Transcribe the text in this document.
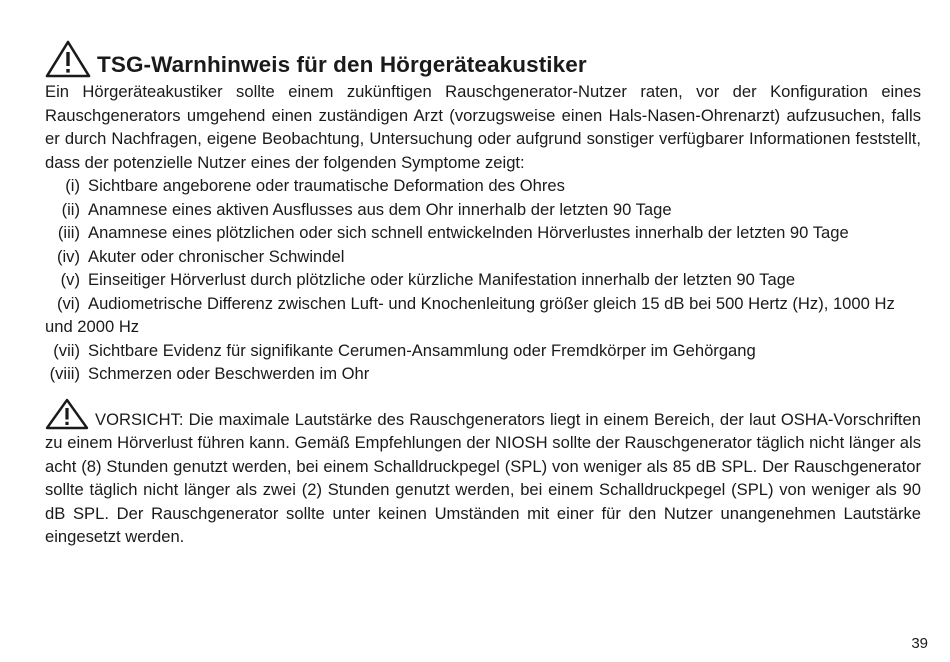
TSG-Warnhinweis für den Hörgeräteakustiker

Ein Hörgeräteakustiker sollte einem zukünftigen Rauschgenerator-Nutzer raten, vor der Konfiguration eines Rauschgenerators umgehend einen zuständigen Arzt (vorzugsweise einen Hals-Nasen-Ohrenarzt) aufzusuchen, falls er durch Nachfragen, eigene Beobachtung, Untersuchung oder aufgrund sonstiger verfügbarer Informationen feststellt, dass der potenzielle Nutzer eines der folgenden Symptome zeigt:

(i) Sichtbare angeborene oder traumatische Deformation des Ohres
(ii) Anamnese eines aktiven Ausflusses aus dem Ohr innerhalb der letzten 90 Tage
(iii) Anamnese eines plötzlichen oder sich schnell entwickelnden Hörverlustes innerhalb der letzten 90 Tage
(iv) Akuter oder chronischer Schwindel
(v) Einseitiger Hörverlust durch plötzliche oder kürzliche Manifestation innerhalb der letzten 90 Tage
(vi) Audiometrische Differenz zwischen Luft- und Knochenleitung größer gleich 15 dB bei 500 Hertz (Hz), 1000 Hz und 2000 Hz
(vii) Sichtbare Evidenz für signifikante Cerumen-Ansammlung oder Fremdkörper im Gehörgang
(viii) Schmerzen oder Beschwerden im Ohr

VORSICHT: Die maximale Lautstärke des Rauschgenerators liegt in einem Bereich, der laut OSHA-Vorschriften zu einem Hörverlust führen kann. Gemäß Empfehlungen der NIOSH sollte der Rauschgenerator täglich nicht länger als acht (8) Stunden genutzt werden, bei einem Schalldruckpegel (SPL) von weniger als 85 dB SPL. Der Rauschgenerator sollte täglich nicht länger als zwei (2) Stunden genutzt werden, bei einem Schalldruckpegel (SPL) von weniger als 90 dB SPL. Der Rauschgenerator sollte unter keinen Umständen mit einer für den Nutzer unangenehmen Lautstärke eingesetzt werden.

39
